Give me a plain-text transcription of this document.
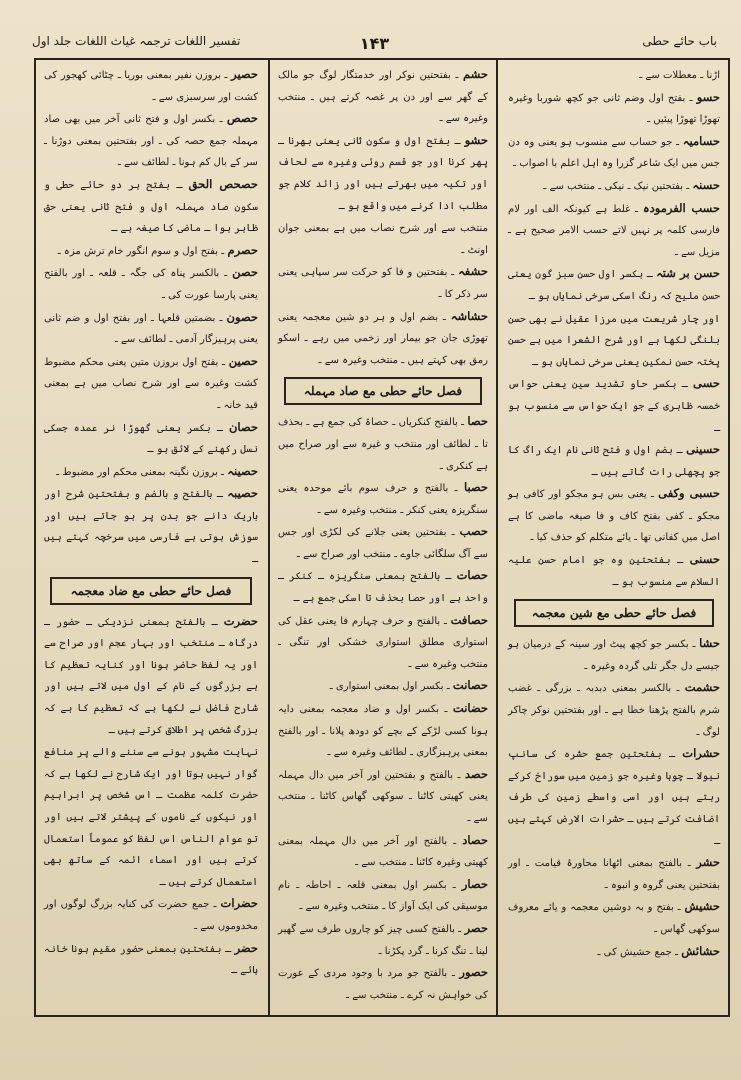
باب حائے حطی
۱۴۳
تفسیر اللغات ترجمہ غیاث اللغات جلد اول

اڑنا ـ معطلات سے ـ

حسو ـ بفتح اول وضم ثانی جو کچھ شوربا وغیرہ تھوڑا تھوڑا پیئیں ـ

حسامیہ ـ جو حساب سے منسوب ہو یعنی وہ دن جس میں ایک شاعر گزرا وہ اہل اعلم با اصواب ـ

حسنہ ـ بفتحتین نیک ـ نیکی ـ منتخب سے ـ

حسب الفرمودہ ـ غلط ہے کیونکہ الف اور لام فارسی کلمہ پر نہیں لاتے حسب الامر صحیح ہے ـ مزیل سے ـ

حسن بر شتہ ـ بکسر اول حسن سبز گون یعنی حسن ملیح کہ رنگ اسکی سرخی نمایاں ہو ـ

اور چار شریعت میں مرزا عقیل نے بھی حسن بلنگی لکھا ہے اور شرح الشعرا میں ہے حسن پختہ حسن نمکین یعنی سرخی نمایاں ہو ـ

حسی ـ بکسر حاو تشدید سین یعنی حواس خمسہ ظاہری کے جو ایک حواس سے منسوب ہو ـ

حسینی ـ بضم اول و فتح ثانی نام ایک راگ کا جو پچھلی رات گاتے ہیں ـ

حسبی وکفی ـ یعنی بس ہو مجکو اور کافی ہو مجکو ـ کفی بفتح کاف و فا صیغہ ماضی کا ہے اصل میں کفانی تھا ـ یائے متکلم کو حذف کیا ـ

حسنی ـ بفتحتین وہ جو امام حسن علیہ السلام سے منسوب ہو ـ

فصل حائے حطی مع شین معجمہ

حشا ـ بکسر جو کچھ پیٹ اور سینہ کے درمیان ہو جیسے دل جگر تلی گردہ وغیرہ ـ

حشمت ـ بالکسر بمعنی دبدبہ ـ بزرگی ـ غضب شرم بالفتح پڑھنا خطا ہے ـ اور بفتحتین نوکر چاکر لوگ ـ

حشرات ـ بفتحتین جمع حشرہ کی سانپ نیولا ـ چوہا وغیرہ جو زمین میں سوراخ کرکے رہتے ہیں اور اسی واسطے زمین کی طرف اضافت کرتے ہیں ـ حشرات الارض کہتے ہیں ـ

حشر ـ بالفتح بمعنی اٹھانا محاورۂ قیامت ـ اور بفتحتین یعنی گروہ و انبوہ ـ

حشیش ـ بفتح و بہ دوشین معجمہ و یائے معروف سوکھی گھاس ـ

حشائش ـ جمع حشیش کی ـ

حشم ـ بفتحتین نوکر اور خدمتگار لوگ جو مالک کے گھر سے اور دن پر غصہ کرتے ہیں ـ منتخب وغیرہ سے ـ

حشو ـ بفتح اول و سکون ثانی یعنی بھرنا ـ پھر کرنا اور جو قسم روئی وغیرہ سے لحاف اور تکیہ میں بھرتے ہیں اور زائد کلام جو مطلب ادا کرنے میں واقع ہو ـ

منتخب سے اور شرح نصاب میں ہے بمعنی جوان اونٹ ـ

حشفہ ـ بفتحتین و فا کو حرکت سر سپاہی یعنی سر ذکر کا ـ

حشاشہ ـ بضم اول و ہر دو شین معجمہ یعنی تھوڑی جان جو بیمار اور زخمی میں رہے ـ اسکو رمق بھی کہتے ہیں ـ منتخب وغیرہ سے ـ

فصل حائے حطی مع صاد مہملہ

حصا ـ بالفتح کنکریاں ـ حصاۃ کی جمع ہے ـ بحذف تا ـ لطائف اور منتخب و غیرہ سے اور صراح میں ہے کنکری ـ

حصبا ـ بالفتح و حرف سوم بائے موحدہ یعنی سنگریزہ یعنی کنکر ـ منتخب وغیرہ سے ـ

حصب ـ بفتحتین یعنی جلانے کی لکڑی اور جس سے آگ سلگائی جاوے ـ منتخب اور صراح سے ـ

حصات ـ بالفتح بمعنی سنگریزہ ـ کنکر ـ واحد ہے اور حصا بحذف تا اسکی جمع ہے ـ

حصافت ـ بالفتح و حرف چہارم فا یعنی عقل کی استواری مطلق استواری خشکی اور تنگی ـ منتخب وغیرہ سے ـ

حصانت ـ بکسر اول بمعنی استواری ـ

حضانت ـ بکسر اول و ضاد معجمہ بمعنی دایہ ہونا کسی لڑکے کے بچے کو دودھ پلانا ـ اور بالفتح بمعنی پرہیزگاری ـ لطائف وغیرہ سے ـ

حصد ـ بالفتح و بفتحتین اور آخر میں دال مہملہ یعنی کھیتی کاٹنا ـ سوکھی گھاس کاٹنا ـ منتخب سے ـ

حصاد ـ بالفتح اور آخر میں دال مہملہ بمعنی کھیتی وغیرہ کاٹنا ـ منتخب سے ـ

حصار ـ بکسر اول بمعنی قلعہ ـ احاطہ ـ نام موسیقی کی ایک آواز کا ـ منتخب وغیرہ سے ـ

حصر ـ بالفتح کسی چیز کو چاروں طرف سے گھیر لینا ـ تنگ کرنا ـ گرد پکڑنا ـ

حصور ـ بالفتح جو مرد با وجود مردی کے عورت کی خواہش نہ کرے ـ منتخب سے ـ

حصیر ـ بروزن نفیر بمعنی بوریا ـ چٹائی کھجور کی کشت اور سرسبزی سے ـ

حصص ـ بکسر اول و فتح ثانی آخر میں بھی صاد مہملہ جمع حصہ کی ـ اور بفتحتین بمعنی دوڑنا ـ سر کے بال کم ہونا ـ لطائف سے ـ

حصحص الحق ـ بفتح ہر دو حائے حطی و سکون صاد مہملہ اول و فتح ثانی یعنی حق ظاہر ہوا ـ ماضی کا صیغہ ہے ـ

حصرم ـ بفتح اول و سوم انگور خام ترش مزہ ـ

حصن ـ بالکسر پناہ کی جگہ ـ قلعہ ـ اور بالفتح یعنی پارسا عورت کی ـ

حصون ـ بضمتین قلعہا ـ اور بفتح اول و ضم ثانی یعنی پرہیزگار آدمی ـ لطائف سے ـ

حصین ـ بفتح اول بروزن متین یعنی محکم مضبوط کشت وغیرہ سے اور شرح نصاب میں ہے بمعنی قید خانہ ـ

حصان ـ بکسر یعنی گھوڑا نر عمدہ جسکی نسل رکھنے کے لائق ہو ـ

حصینہ ـ بروزن نگینہ بمعنی محکم اور مضبوط ـ

حصیبہ ـ بالفتح و بالضم و بفتحتین شرح اور باریک دانے جو بدن پر ہو جاتے ہیں اور سوزش ہوتی ہے فارسی میں سرخچہ کہتے ہیں ـ

فصل حائے حطی مع ضاد معجمہ

حضرت ـ بالفتح بمعنی نزدیکی ـ حضور ـ درگاہ ـ منتخب اور بہار عجم اور صراح سے اور یہ لفظ حاضر ہونا اور کنایہ تعظیم کا ہے بزرگوں کے نام کے اول میں لاتے ہیں اور شارح فاضل نے لکھا ہے کہ تعظیم کا ہے کہ بزرگ شخص پر اطلاق کرتے ہیں ـ

نہایت مشہور ہونے سے سننے والے پر منافع گوار نہیں ہوتا اور ایک شارح نے لکھا ہے کہ حضرت کلمہ عظمت ـ اس شخص پر ابراہیم اور نیکوں کے ناموں کے پیشتر لاتے ہیں اور تو عوام الناس اس لفظ کو عموماً استعمال کرتے ہیں اور اسماء ائمہ کے ساتھ بھی استعمال کرتے ہیں ـ

حضرات ـ جمع حضرت کی کنایہ بزرگ لوگوں اور مخدوموں سے ـ

حضر ـ بفتحتین بمعنی حضور مقیم ہونا خانہ ہائے ـ
